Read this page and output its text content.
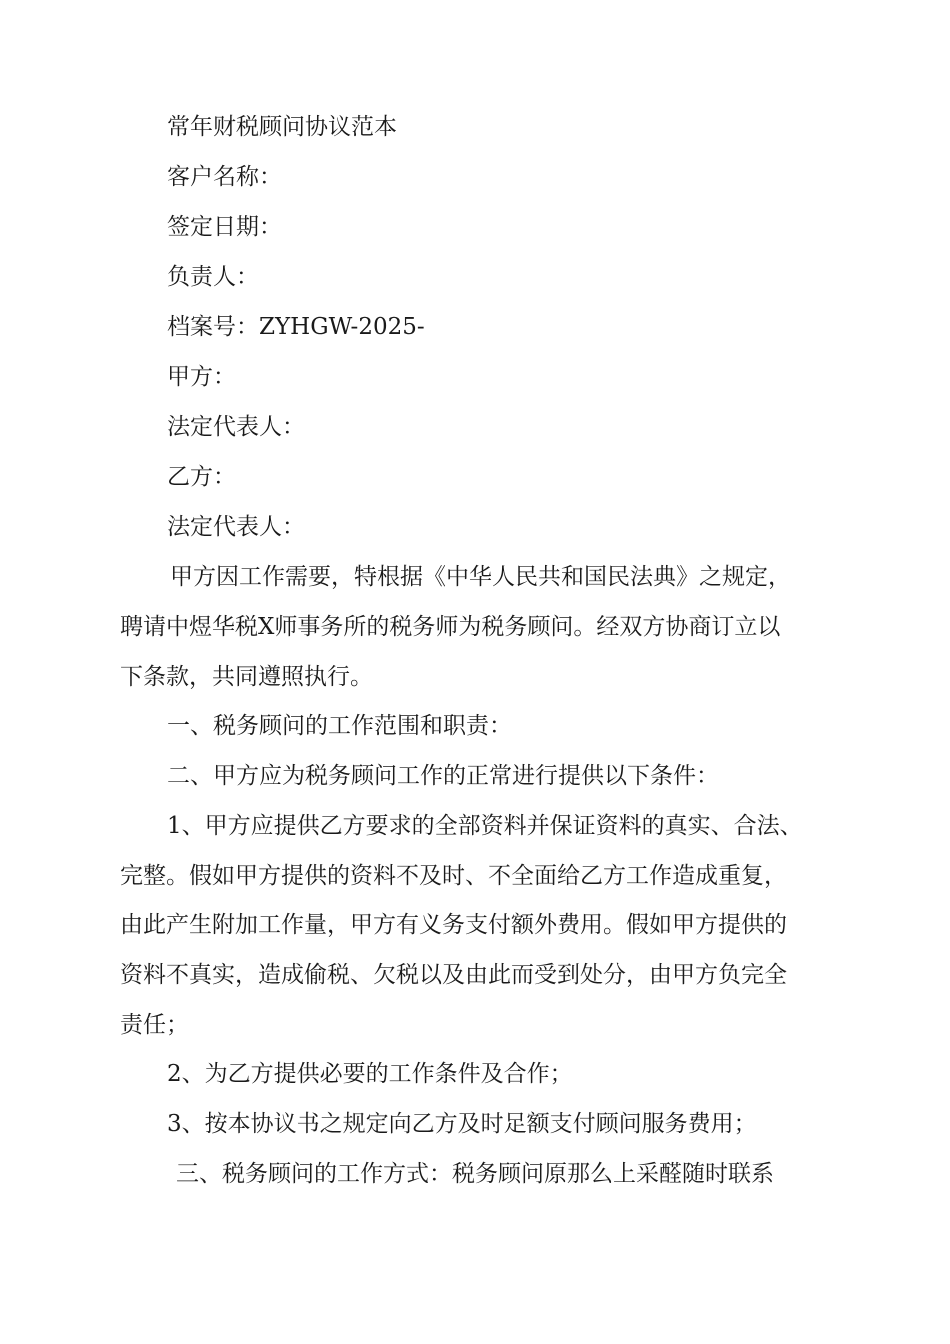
常年财税顾问协议范本
客户名称：
签定日期：
负责人：
档案号：ZYHGW-2025-
甲方：
法定代表人：
乙方：
法定代表人：
甲方因工作需要，特根据《中华人民共和国民法典》之规定，
聘请中煜华税X师事务所的税务师为税务顾问。经双方协商订立以
下条款，共同遵照执行。
一、税务顾问的工作范围和职责：
二、甲方应为税务顾问工作的正常进行提供以下条件：
1、甲方应提供乙方要求的全部资料并保证资料的真实、合法、
完整。假如甲方提供的资料不及时、不全面给乙方工作造成重复，
由此产生附加工作量，甲方有义务支付额外费用。假如甲方提供的
资料不真实，造成偷税、欠税以及由此而受到处分，由甲方负完全
责任；
2、为乙方提供必要的工作条件及合作；
3、按本协议书之规定向乙方及时足额支付顾问服务费用；
三、税务顾问的工作方式：税务顾问原那么上采醛随时联系
